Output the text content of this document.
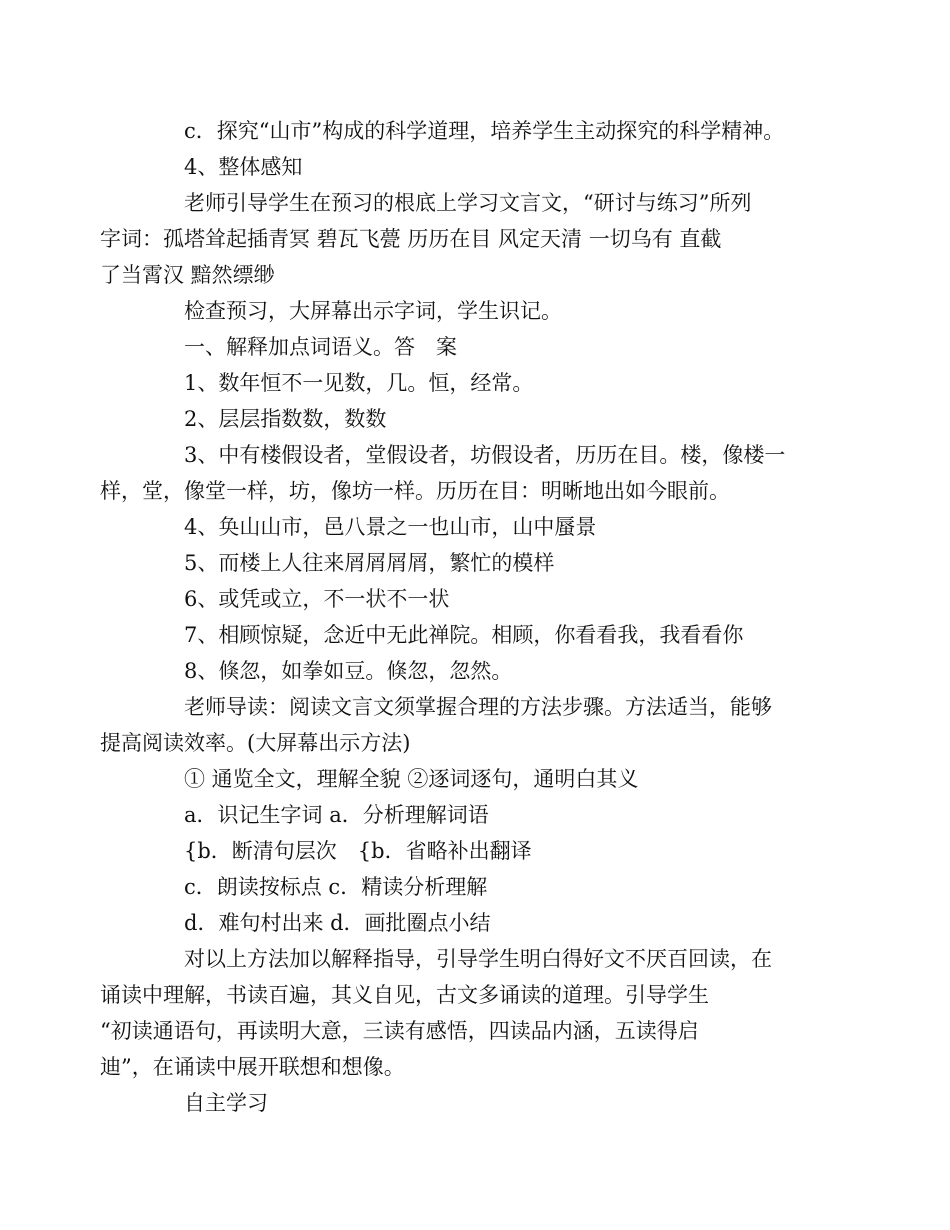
c．探究“山市”构成的科学道理，培养学生主动探究的科学精神。
4、整体感知
老师引导学生在预习的根底上学习文言文，“研讨与练习”所列
字词：孤塔耸起插青冥 碧瓦飞甍 历历在目 风定天清 一切乌有 直截
了当霄汉 黯然缥缈
检查预习，大屏幕出示字词，学生识记。
一、解释加点词语义。答　案
1、数年恒不一见数，几。恒，经常。
2、层层指数数，数数
3、中有楼假设者，堂假设者，坊假设者，历历在目。楼，像楼一
样，堂，像堂一样，坊，像坊一样。历历在目：明晰地出如今眼前。
4、奂山山市，邑八景之一也山市，山中蜃景
5、而楼上人往来屑屑屑屑，繁忙的模样
6、或凭或立，不一状不一状
7、相顾惊疑，念近中无此禅院。相顾，你看看我，我看看你
8、倏忽，如拳如豆。倏忽，忽然。
老师导读：阅读文言文须掌握合理的方法步骤。方法适当，能够
提高阅读效率。(大屏幕出示方法)
① 通览全文，理解全貌 ②逐词逐句，通明白其义
a．识记生字词 a．分析理解词语
{b．断清句层次　{b．省略补出翻译
c．朗读按标点 c．精读分析理解
d．难句村出来 d．画批圈点小结
对以上方法加以解释指导，引导学生明白得好文不厌百回读，在
诵读中理解，书读百遍，其义自见，古文多诵读的道理。引导学生
“初读通语句，再读明大意，三读有感悟，四读品内涵，五读得启
迪”，在诵读中展开联想和想像。
自主学习
